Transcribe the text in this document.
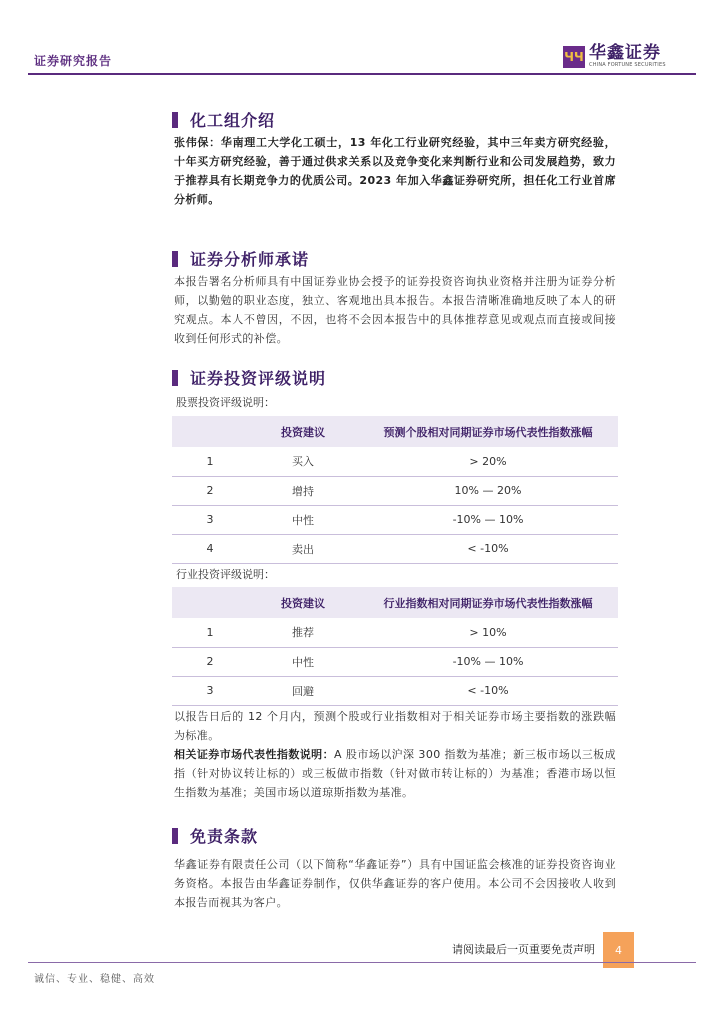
证券研究报告	ЧЧ 华鑫证券
CHINA FORTUNE SECURITIES
化工组介绍
张伟保：华南理工大学化工硕士，13 年化工行业研究经验，其中三年卖方研究经验，十年买方研究经验，善于通过供求关系以及竞争变化来判断行业和公司发展趋势，致力于推荐具有长期竞争力的优质公司。2023 年加入华鑫证券研究所，担任化工行业首席分析师。
证券分析师承诺
本报告署名分析师具有中国证券业协会授予的证券投资咨询执业资格并注册为证券分析师，以勤勉的职业态度，独立、客观地出具本报告。本报告清晰准确地反映了本人的研究观点。本人不曾因，不因，也将不会因本报告中的具体推荐意见或观点而直接或间接收到任何形式的补偿。
证券投资评级说明
股票投资评级说明：
	投资建议	预测个股相对同期证券市场代表性指数涨幅
1	买入	> 20%
2	增持	10% — 20%
3	中性	-10% — 10%
4	卖出	< -10%
行业投资评级说明：
	投资建议	行业指数相对同期证券市场代表性指数涨幅
1	推荐	> 10%
2	中性	-10% — 10%
3	回避	< -10%
以报告日后的 12 个月内，预测个股或行业指数相对于相关证券市场主要指数的涨跌幅为标准。
相关证券市场代表性指数说明：A 股市场以沪深 300 指数为基准；新三板市场以三板成指（针对协议转让标的）或三板做市指数（针对做市转让标的）为基准；香港市场以恒生指数为基准；美国市场以道琼斯指数为基准。
免责条款
华鑫证券有限责任公司（以下简称“华鑫证券”）具有中国证监会核准的证券投资咨询业务资格。本报告由华鑫证券制作，仅供华鑫证券的客户使用。本公司不会因接收人收到本报告而视其为客户。
请阅读最后一页重要免责声明	4
诚信、专业、稳健、高效
